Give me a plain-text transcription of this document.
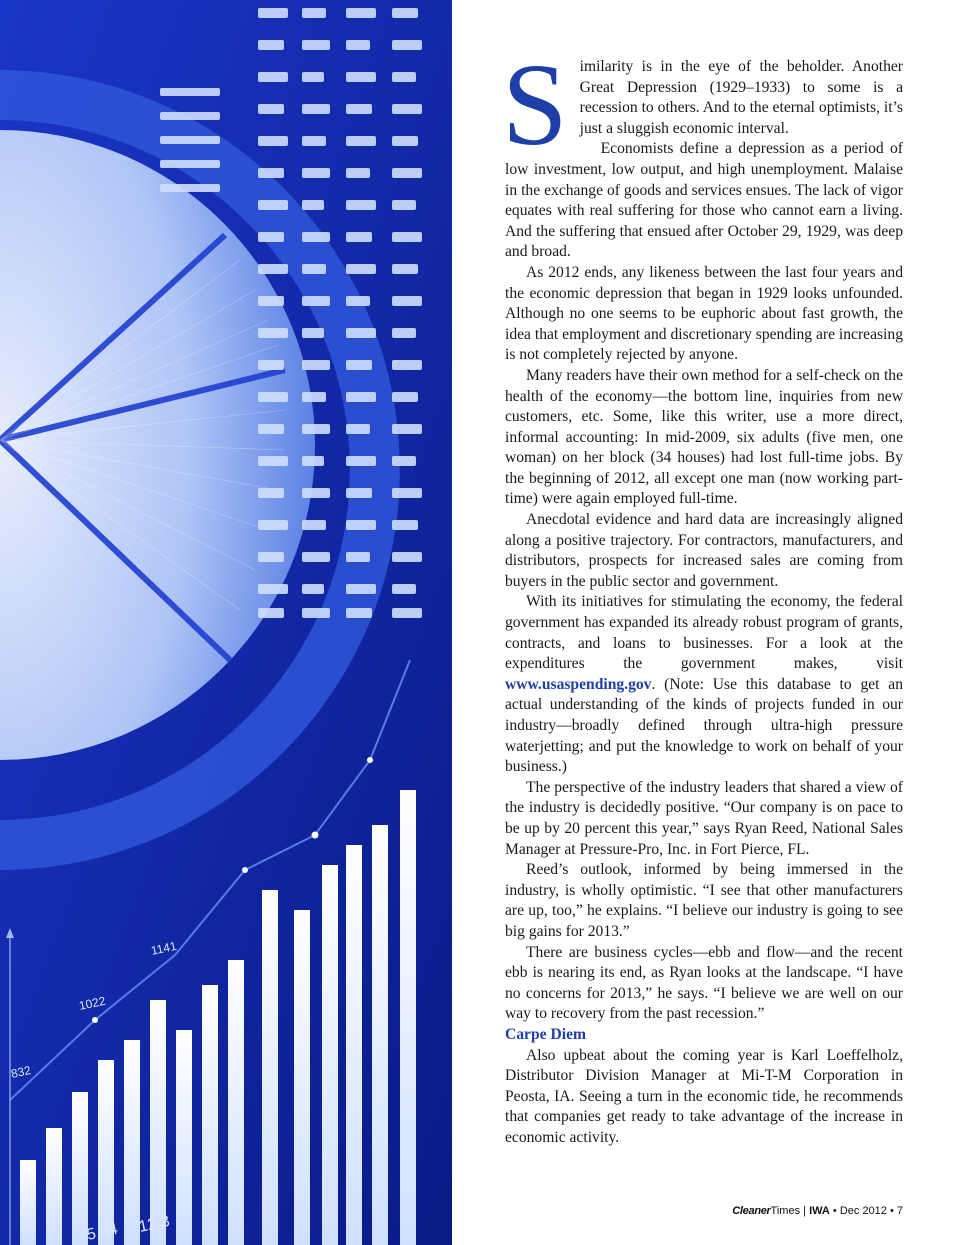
832
1022
1141
5.64 12.3

Similarity is in the eye of the beholder. Another Great Depression (1929–1933) to some is a recession to others. And to the eternal optimists, it’s just a sluggish economic interval.

Economists define a depression as a period of low investment, low output, and high unemployment. Malaise in the exchange of goods and services ensues. The lack of vigor equates with real suffering for those who cannot earn a living. And the suffering that ensued after October 29, 1929, was deep and broad.

As 2012 ends, any likeness between the last four years and the economic depression that began in 1929 looks unfounded. Although no one seems to be euphoric about fast growth, the idea that employment and discretionary spending are increasing is not completely rejected by anyone.

Many readers have their own method for a self-check on the health of the economy—the bottom line, inquiries from new customers, etc. Some, like this writer, use a more direct, informal accounting: In mid-2009, six adults (five men, one woman) on her block (34 houses) had lost full-time jobs. By the beginning of 2012, all except one man (now working part-time) were again employed full-time.

Anecdotal evidence and hard data are increasingly aligned along a positive trajectory. For contractors, manufacturers, and distributors, prospects for increased sales are coming from buyers in the public sector and government.

With its initiatives for stimulating the economy, the federal government has expanded its already robust program of grants, contracts, and loans to businesses. For a look at the expenditures the government makes, visit www.usaspending.gov. (Note: Use this database to get an actual understanding of the kinds of projects funded in our industry—broadly defined through ultra-high pressure waterjetting; and put the knowledge to work on behalf of your business.)

The perspective of the industry leaders that shared a view of the industry is decidedly positive. “Our company is on pace to be up by 20 percent this year,” says Ryan Reed, National Sales Manager at Pressure-Pro, Inc. in Fort Pierce, FL.

Reed’s outlook, informed by being immersed in the industry, is wholly optimistic. “I see that other manufacturers are up, too,” he explains. “I believe our industry is going to see big gains for 2013.”

There are business cycles—ebb and flow—and the recent ebb is nearing its end, as Ryan looks at the landscape. “I have no concerns for 2013,” he says. “I believe we are well on our way to recovery from the past recession.”

Carpe Diem

Also upbeat about the coming year is Karl Loeffelholz, Distributor Division Manager at Mi-T-M Corporation in Peosta, IA. Seeing a turn in the economic tide, he recommends that companies get ready to take advantage of the increase in economic activity.

CleanerTimes | IWA • Dec 2012 • 7
